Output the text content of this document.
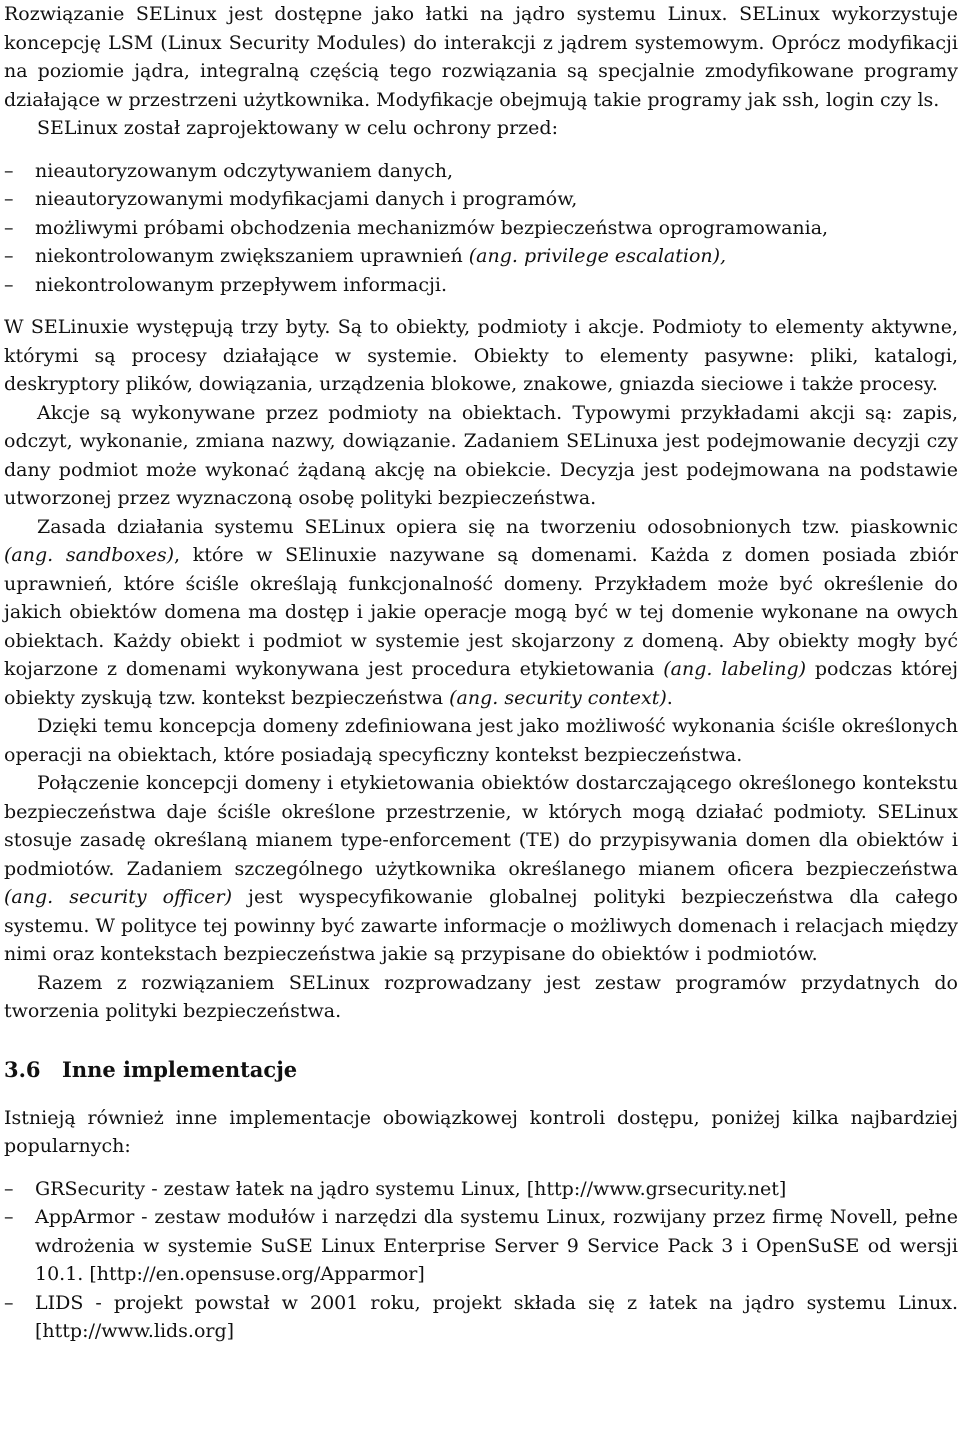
Rozwiązanie SELinux jest dostępne jako łatki na jądro systemu Linux. SELinux wykorzystuje koncepcję LSM (Linux Security Modules) do interakcji z jądrem systemowym. Oprócz modyfikacji na poziomie jądra, integralną częścią tego rozwiązania są specjalnie zmodyfikowane programy działające w przestrzeni użytkownika. Modyfikacje obejmują takie programy jak ssh, login czy ls.

SELinux został zaprojektowany w celu ochrony przed:

– nieautoryzowanym odczytywaniem danych,
– nieautoryzowanymi modyfikacjami danych i programów,
– możliwymi próbami obchodzenia mechanizmów bezpieczeństwa oprogramowania,
– niekontrolowanym zwiększaniem uprawnień (ang. privilege escalation),
– niekontrolowanym przepływem informacji.

W SELinuxie występują trzy byty. Są to obiekty, podmioty i akcje. Podmioty to elementy aktywne, którymi są procesy działające w systemie. Obiekty to elementy pasywne: pliki, katalogi, deskryptory plików, dowiązania, urządzenia blokowe, znakowe, gniazda sieciowe i także procesy.

Akcje są wykonywane przez podmioty na obiektach. Typowymi przykładami akcji są: zapis, odczyt, wykonanie, zmiana nazwy, dowiązanie. Zadaniem SELinuxa jest podejmowanie decyzji czy dany podmiot może wykonać żądaną akcję na obiekcie. Decyzja jest podejmowana na podstawie utworzonej przez wyznaczoną osobę polityki bezpieczeństwa.

Zasada działania systemu SELinux opiera się na tworzeniu odosobnionych tzw. piaskownic (ang. sandboxes), które w SElinuxie nazywane są domenami. Każda z domen posiada zbiór uprawnień, które ściśle określają funkcjonalność domeny. Przykładem może być określenie do jakich obiektów domena ma dostęp i jakie operacje mogą być w tej domenie wykonane na owych obiektach. Każdy obiekt i podmiot w systemie jest skojarzony z domeną. Aby obiekty mogły być kojarzone z domenami wykonywana jest procedura etykietowania (ang. labeling) podczas której obiekty zyskują tzw. kontekst bezpieczeństwa (ang. security context).

Dzięki temu koncepcja domeny zdefiniowana jest jako możliwość wykonania ściśle określonych operacji na obiektach, które posiadają specyficzny kontekst bezpieczeństwa.

Połączenie koncepcji domeny i etykietowania obiektów dostarczającego określonego kontekstu bezpieczeństwa daje ściśle określone przestrzenie, w których mogą działać podmioty. SELinux stosuje zasadę określaną mianem type-enforcement (TE) do przypisywania domen dla obiektów i podmiotów. Zadaniem szczególnego użytkownika określanego mianem oficera bezpieczeństwa (ang. security officer) jest wyspecyfikowanie globalnej polityki bezpieczeństwa dla całego systemu. W polityce tej powinny być zawarte informacje o możliwych domenach i relacjach między nimi oraz kontekstach bezpieczeństwa jakie są przypisane do obiektów i podmiotów.

Razem z rozwiązaniem SELinux rozprowadzany jest zestaw programów przydatnych do tworzenia polityki bezpieczeństwa.

3.6 Inne implementacje

Istnieją również inne implementacje obowiązkowej kontroli dostępu, poniżej kilka najbardziej popularnych:

– GRSecurity - zestaw łatek na jądro systemu Linux, [http://www.grsecurity.net]
– AppArmor - zestaw modułów i narzędzi dla systemu Linux, rozwijany przez firmę Novell, pełne wdrożenia w systemie SuSE Linux Enterprise Server 9 Service Pack 3 i OpenSuSE od wersji 10.1. [http://en.opensuse.org/Apparmor]
– LIDS - projekt powstał w 2001 roku, projekt składa się z łatek na jądro systemu Linux. [http://www.lids.org]
